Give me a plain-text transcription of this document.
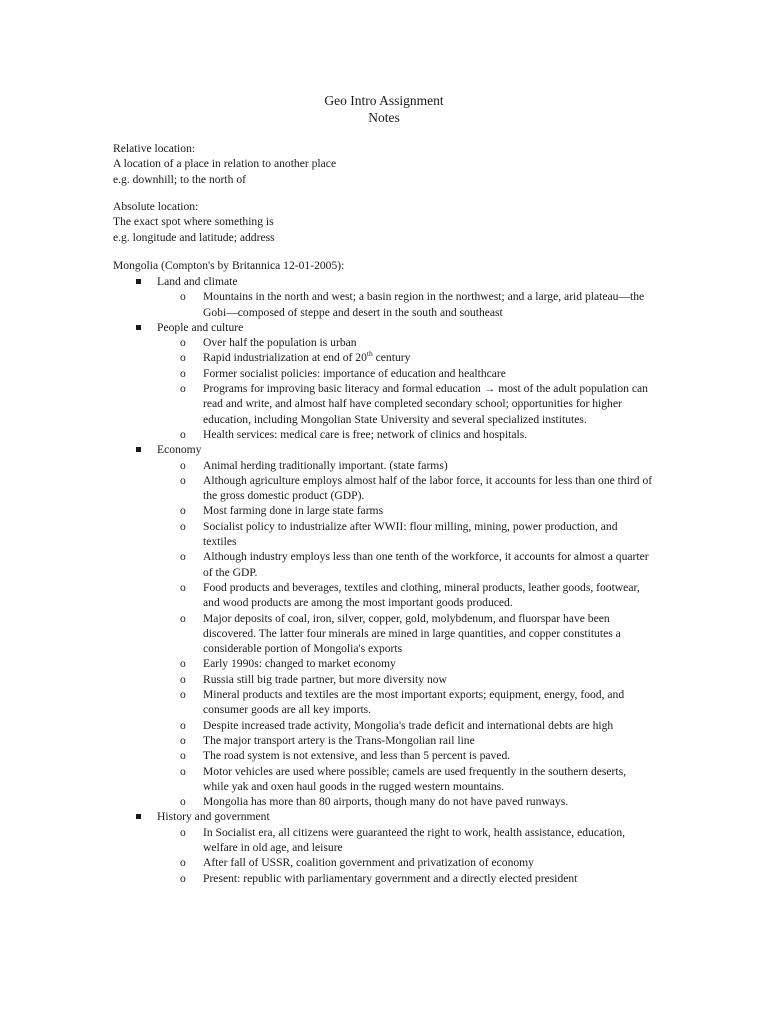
Geo Intro Assignment
Notes
Relative location:
A location of a place in relation to another place
e.g. downhill; to the north of
Absolute location:
The exact spot where something is
e.g. longitude and latitude; address
Mongolia (Compton's by Britannica 12-01-2005):
Land and climate
o Mountains in the north and west; a basin region in the northwest; and a large, arid plateau—the Gobi—composed of steppe and desert in the south and southeast
People and culture
o Over half the population is urban
o Rapid industrialization at end of 20th century
o Former socialist policies: importance of education and healthcare
o Programs for improving basic literacy and formal education → most of the adult population can read and write, and almost half have completed secondary school; opportunities for higher education, including Mongolian State University and several specialized institutes.
o Health services: medical care is free; network of clinics and hospitals.
Economy
o Animal herding traditionally important. (state farms)
o Although agriculture employs almost half of the labor force, it accounts for less than one third of the gross domestic product (GDP).
o Most farming done in large state farms
o Socialist policy to industrialize after WWII: flour milling, mining, power production, and textiles
o Although industry employs less than one tenth of the workforce, it accounts for almost a quarter of the GDP.
o Food products and beverages, textiles and clothing, mineral products, leather goods, footwear, and wood products are among the most important goods produced.
o Major deposits of coal, iron, silver, copper, gold, molybdenum, and fluorspar have been discovered. The latter four minerals are mined in large quantities, and copper constitutes a considerable portion of Mongolia's exports
o Early 1990s: changed to market economy
o Russia still big trade partner, but more diversity now
o Mineral products and textiles are the most important exports; equipment, energy, food, and consumer goods are all key imports.
o Despite increased trade activity, Mongolia's trade deficit and international debts are high
o The major transport artery is the Trans-Mongolian rail line
o The road system is not extensive, and less than 5 percent is paved.
o Motor vehicles are used where possible; camels are used frequently in the southern deserts, while yak and oxen haul goods in the rugged western mountains.
o Mongolia has more than 80 airports, though many do not have paved runways.
History and government
o In Socialist era, all citizens were guaranteed the right to work, health assistance, education, welfare in old age, and leisure
o After fall of USSR, coalition government and privatization of economy
o Present: republic with parliamentary government and a directly elected president
